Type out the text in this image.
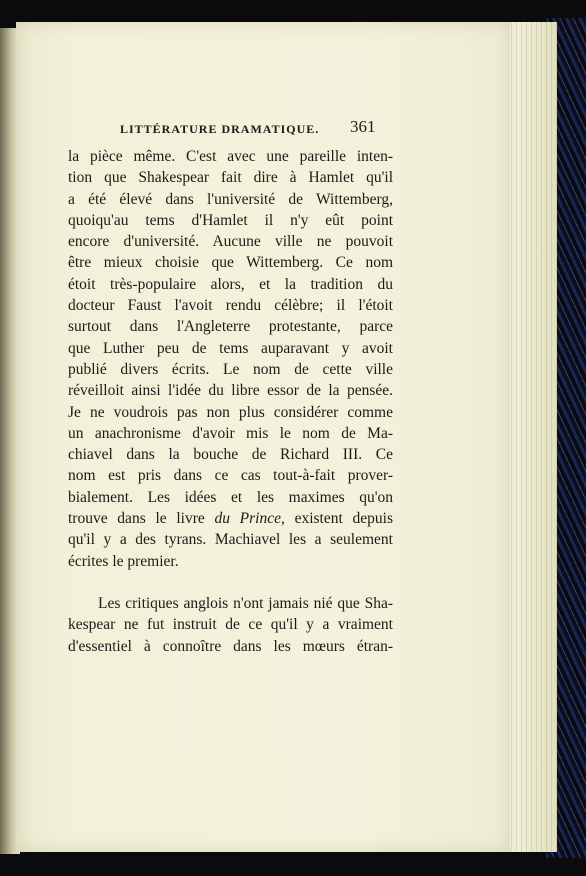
LITTÉRATURE DRAMATIQUE. 361
la pièce même. C'est avec une pareille inten-
tion que Shakespear fait dire à Hamlet qu'il
a été élevé dans l'université de Wittemberg,
quoiqu'au tems d'Hamlet il n'y eût point
encore d'université. Aucune ville ne pouvoit
être mieux choisie que Wittemberg. Ce nom
étoit très-populaire alors, et la tradition du
docteur Faust l'avoit rendu célèbre; il l'étoit
surtout dans l'Angleterre protestante, parce
que Luther peu de tems auparavant y avoit
publié divers écrits. Le nom de cette ville
réveilloit ainsi l'idée du libre essor de la pensée.
Je ne voudrois pas non plus considérer comme
un anachronisme d'avoir mis le nom de Ma-
chiavel dans la bouche de Richard III. Ce
nom est pris dans ce cas tout-à-fait prover-
bialement. Les idées et les maximes qu'on
trouve dans le livre du Prince, existent depuis
qu'il y a des tyrans. Machiavel les a seulement
écrites le premier.
Les critiques anglois n'ont jamais nié que Sha-
kespear ne fut instruit de ce qu'il y a vraiment
d'essentiel à connoître dans les mœurs étran-
